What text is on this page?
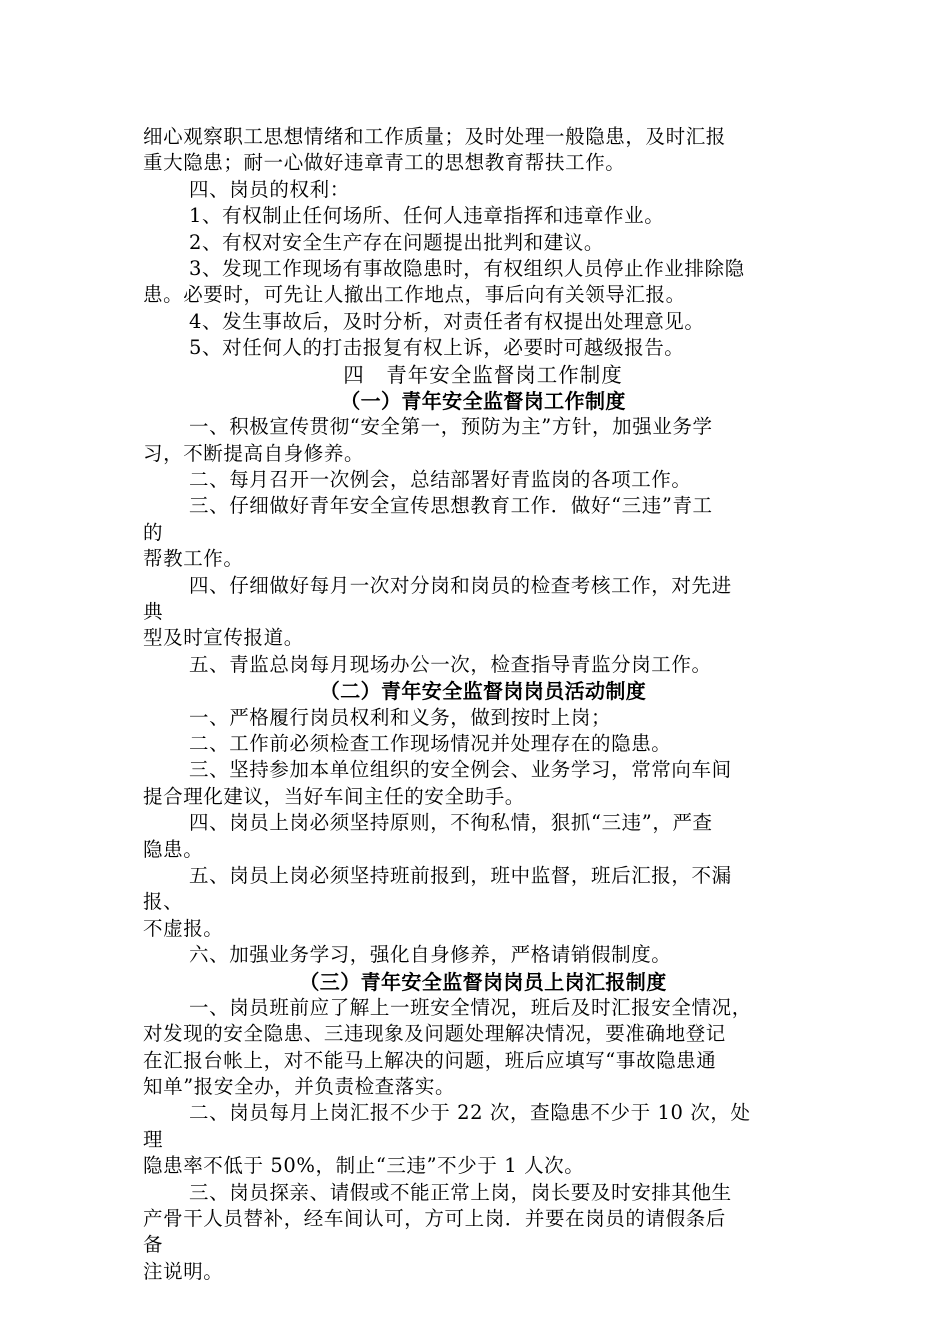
细心观察职工思想情绪和工作质量；及时处理一般隐患，及时汇报
重大隐患；耐一心做好违章青工的思想教育帮扶工作。
四、岗员的权利：
1、有权制止任何场所、任何人违章指挥和违章作业。
2、有权对安全生产存在问题提出批判和建议。
3、发现工作现场有事故隐患时，有权组织人员停止作业排除隐
患。必要时，可先让人撤出工作地点，事后向有关领导汇报。
4、发生事故后，及时分析，对责任者有权提出处理意见。
5、对任何人的打击报复有权上诉，必要时可越级报告。
四　青年安全监督岗工作制度
（一）青年安全监督岗工作制度
一、积极宣传贯彻“安全第一，预防为主”方针，加强业务学
习，不断提高自身修养。
二、每月召开一次例会，总结部署好青监岗的各项工作。
三、仔细做好青年安全宣传思想教育工作．做好“三违”青工
的
帮教工作。
四、仔细做好每月一次对分岗和岗员的检查考核工作，对先进
典
型及时宣传报道。
五、青监总岗每月现场办公一次，检查指导青监分岗工作。
（二）青年安全监督岗岗员活动制度
一、严格履行岗员权利和义务，做到按时上岗；
二、工作前必须检查工作现场情况并处理存在的隐患。
三、坚持参加本单位组织的安全例会、业务学习，常常向车间
提合理化建议，当好车间主任的安全助手。
四、岗员上岗必须坚持原则，不徇私情，狠抓“三违”，严查
隐患。
五、岗员上岗必须坚持班前报到，班中监督，班后汇报，不漏
报、
不虚报。
六、加强业务学习，强化自身修养，严格请销假制度。
（三）青年安全监督岗岗员上岗汇报制度
一、岗员班前应了解上一班安全情况，班后及时汇报安全情况，
对发现的安全隐患、三违现象及问题处理解决情况，要准确地登记
在汇报台帐上，对不能马上解决的问题，班后应填写“事故隐患通
知单”报安全办，并负责检查落实。
二、岗员每月上岗汇报不少于 22 次，查隐患不少于 10 次，处
理
隐患率不低于 50%，制止“三违”不少于 1 人次。
三、岗员探亲、请假或不能正常上岗，岗长要及时安排其他生
产骨干人员替补，经车间认可，方可上岗．并要在岗员的请假条后
备
注说明。
